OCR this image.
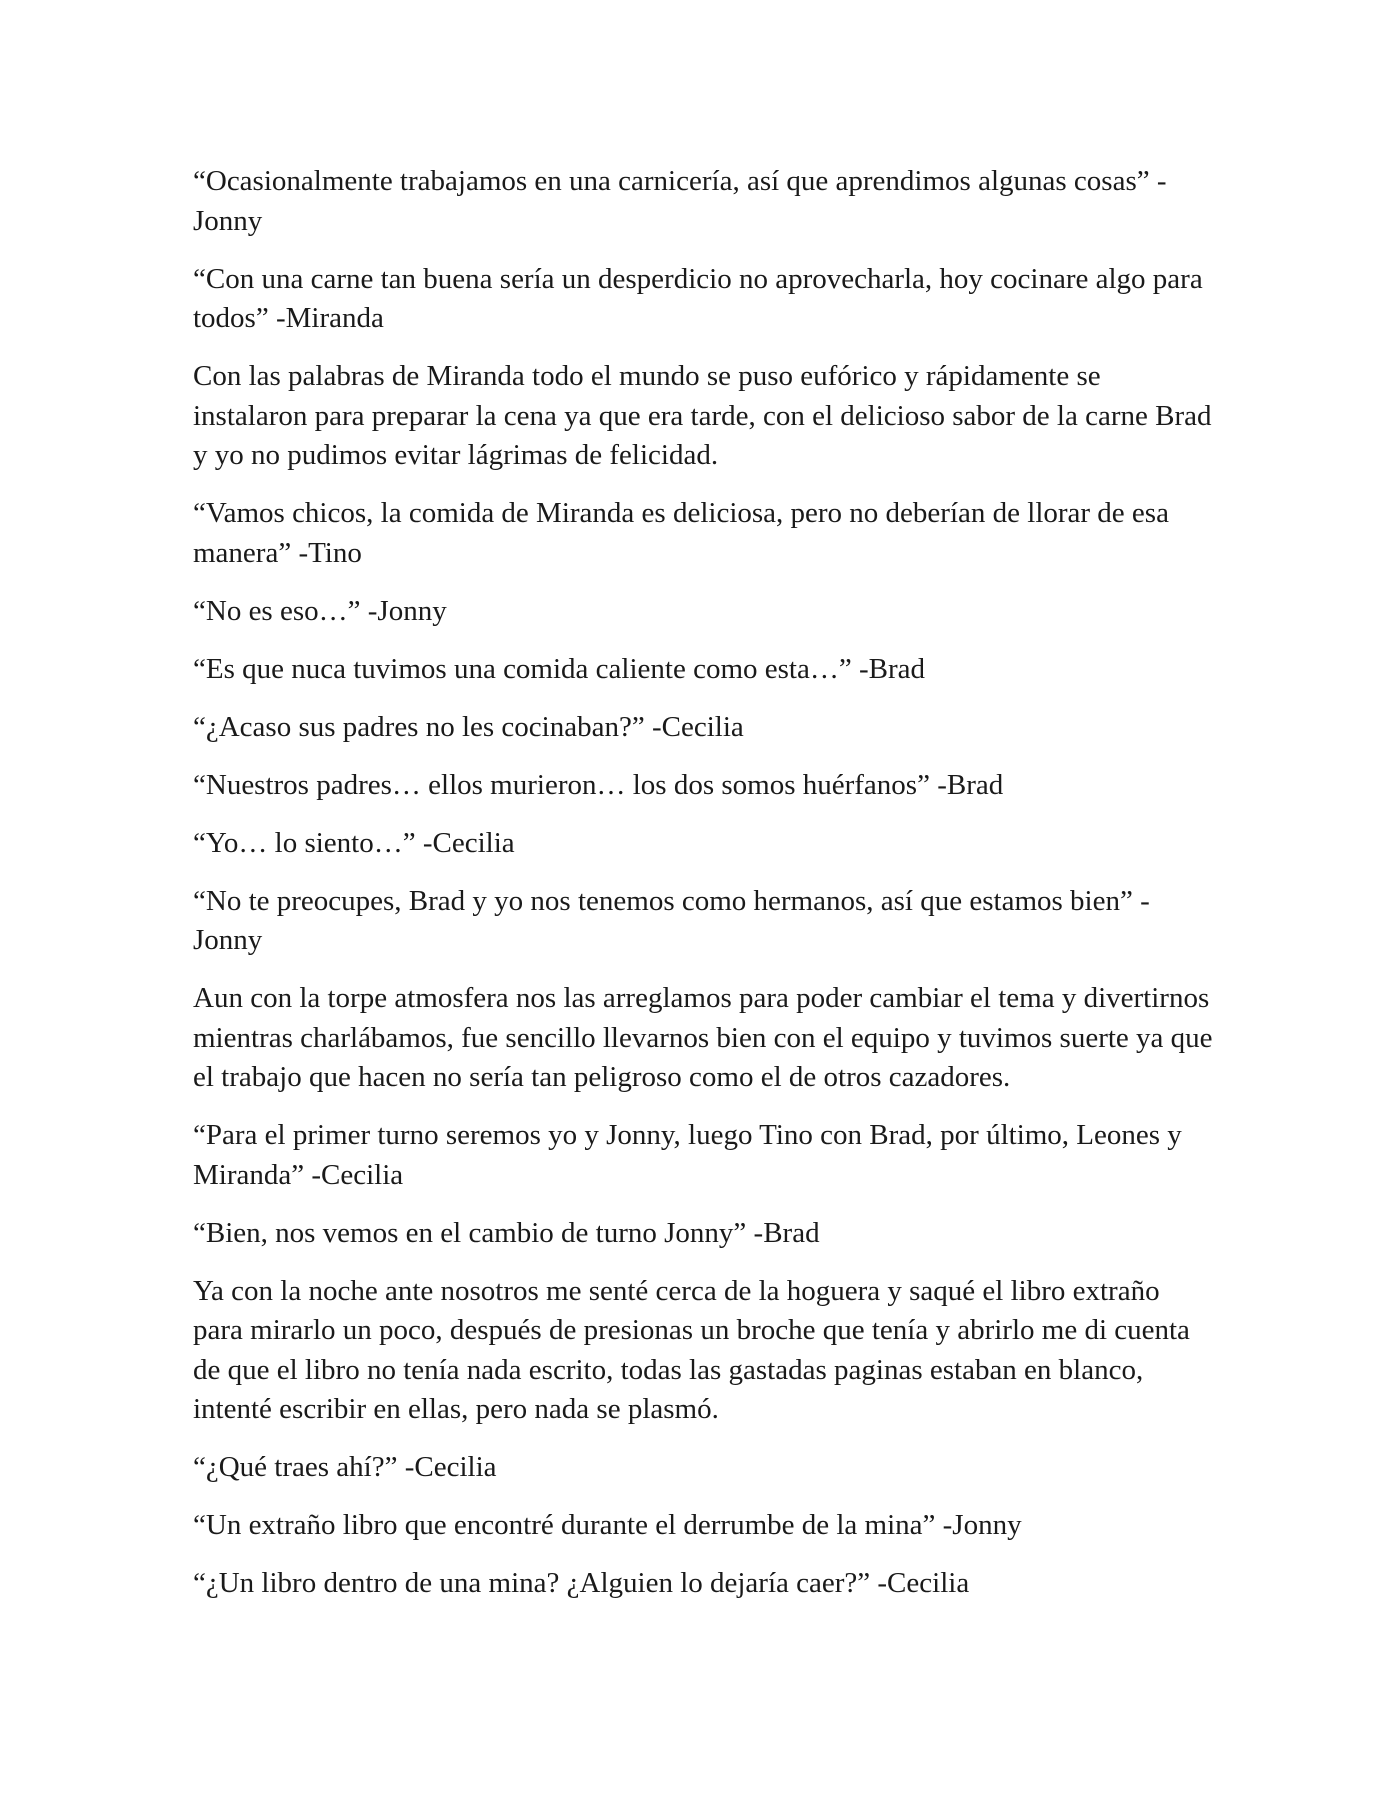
“Ocasionalmente trabajamos en una carnicería, así que aprendimos algunas cosas” -Jonny

“Con una carne tan buena sería un desperdicio no aprovecharla, hoy cocinare algo para todos” -Miranda

Con las palabras de Miranda todo el mundo se puso eufórico y rápidamente se instalaron para preparar la cena ya que era tarde, con el delicioso sabor de la carne Brad y yo no pudimos evitar lágrimas de felicidad.

“Vamos chicos, la comida de Miranda es deliciosa, pero no deberían de llorar de esa manera” -Tino

“No es eso…” -Jonny

“Es que nuca tuvimos una comida caliente como esta…” -Brad

“¿Acaso sus padres no les cocinaban?” -Cecilia

“Nuestros padres… ellos murieron… los dos somos huérfanos” -Brad

“Yo… lo siento…” -Cecilia

“No te preocupes, Brad y yo nos tenemos como hermanos, así que estamos bien” -Jonny

Aun con la torpe atmosfera nos las arreglamos para poder cambiar el tema y divertirnos mientras charlábamos, fue sencillo llevarnos bien con el equipo y tuvimos suerte ya que el trabajo que hacen no sería tan peligroso como el de otros cazadores.

“Para el primer turno seremos yo y Jonny, luego Tino con Brad, por último, Leones y Miranda” -Cecilia

“Bien, nos vemos en el cambio de turno Jonny” -Brad

Ya con la noche ante nosotros me senté cerca de la hoguera y saqué el libro extraño para mirarlo un poco, después de presionas un broche que tenía y abrirlo me di cuenta de que el libro no tenía nada escrito, todas las gastadas paginas estaban en blanco, intenté escribir en ellas, pero nada se plasmó.

“¿Qué traes ahí?” -Cecilia

“Un extraño libro que encontré durante el derrumbe de la mina” -Jonny

“¿Un libro dentro de una mina? ¿Alguien lo dejaría caer?” -Cecilia
